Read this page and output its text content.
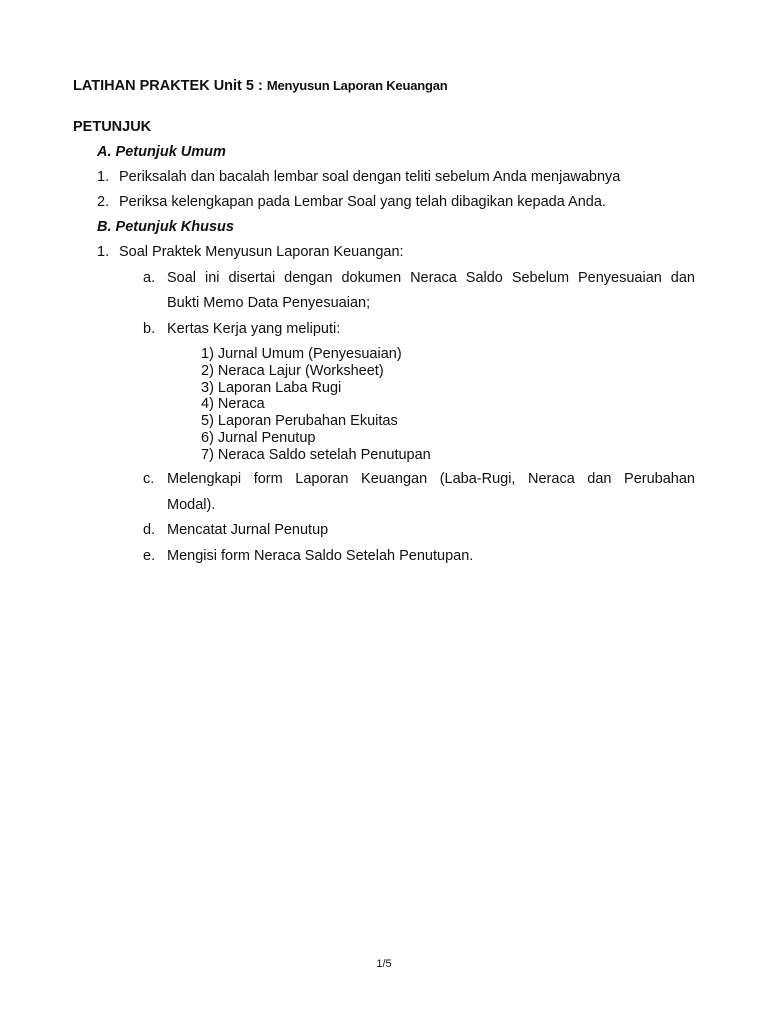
LATIHAN PRAKTEK Unit 5 : Menyusun Laporan Keuangan
PETUNJUK
A. Petunjuk Umum
1. Periksalah dan bacalah lembar soal dengan teliti sebelum Anda menjawabnya
2. Periksa kelengkapan pada Lembar Soal yang telah dibagikan kepada Anda.
B. Petunjuk Khusus
1. Soal Praktek Menyusun Laporan Keuangan:
a. Soal ini disertai dengan dokumen Neraca Saldo Sebelum Penyesuaian dan
Bukti Memo Data Penyesuaian;
b. Kertas Kerja yang meliputi:
1) Jurnal Umum (Penyesuaian)
2) Neraca Lajur (Worksheet)
3) Laporan Laba Rugi
4) Neraca
5) Laporan Perubahan Ekuitas
6) Jurnal Penutup
7) Neraca Saldo setelah Penutupan
c. Melengkapi form Laporan Keuangan (Laba-Rugi, Neraca dan Perubahan
Modal).
d. Mencatat Jurnal Penutup
e. Mengisi form Neraca Saldo Setelah Penutupan.
1/5
